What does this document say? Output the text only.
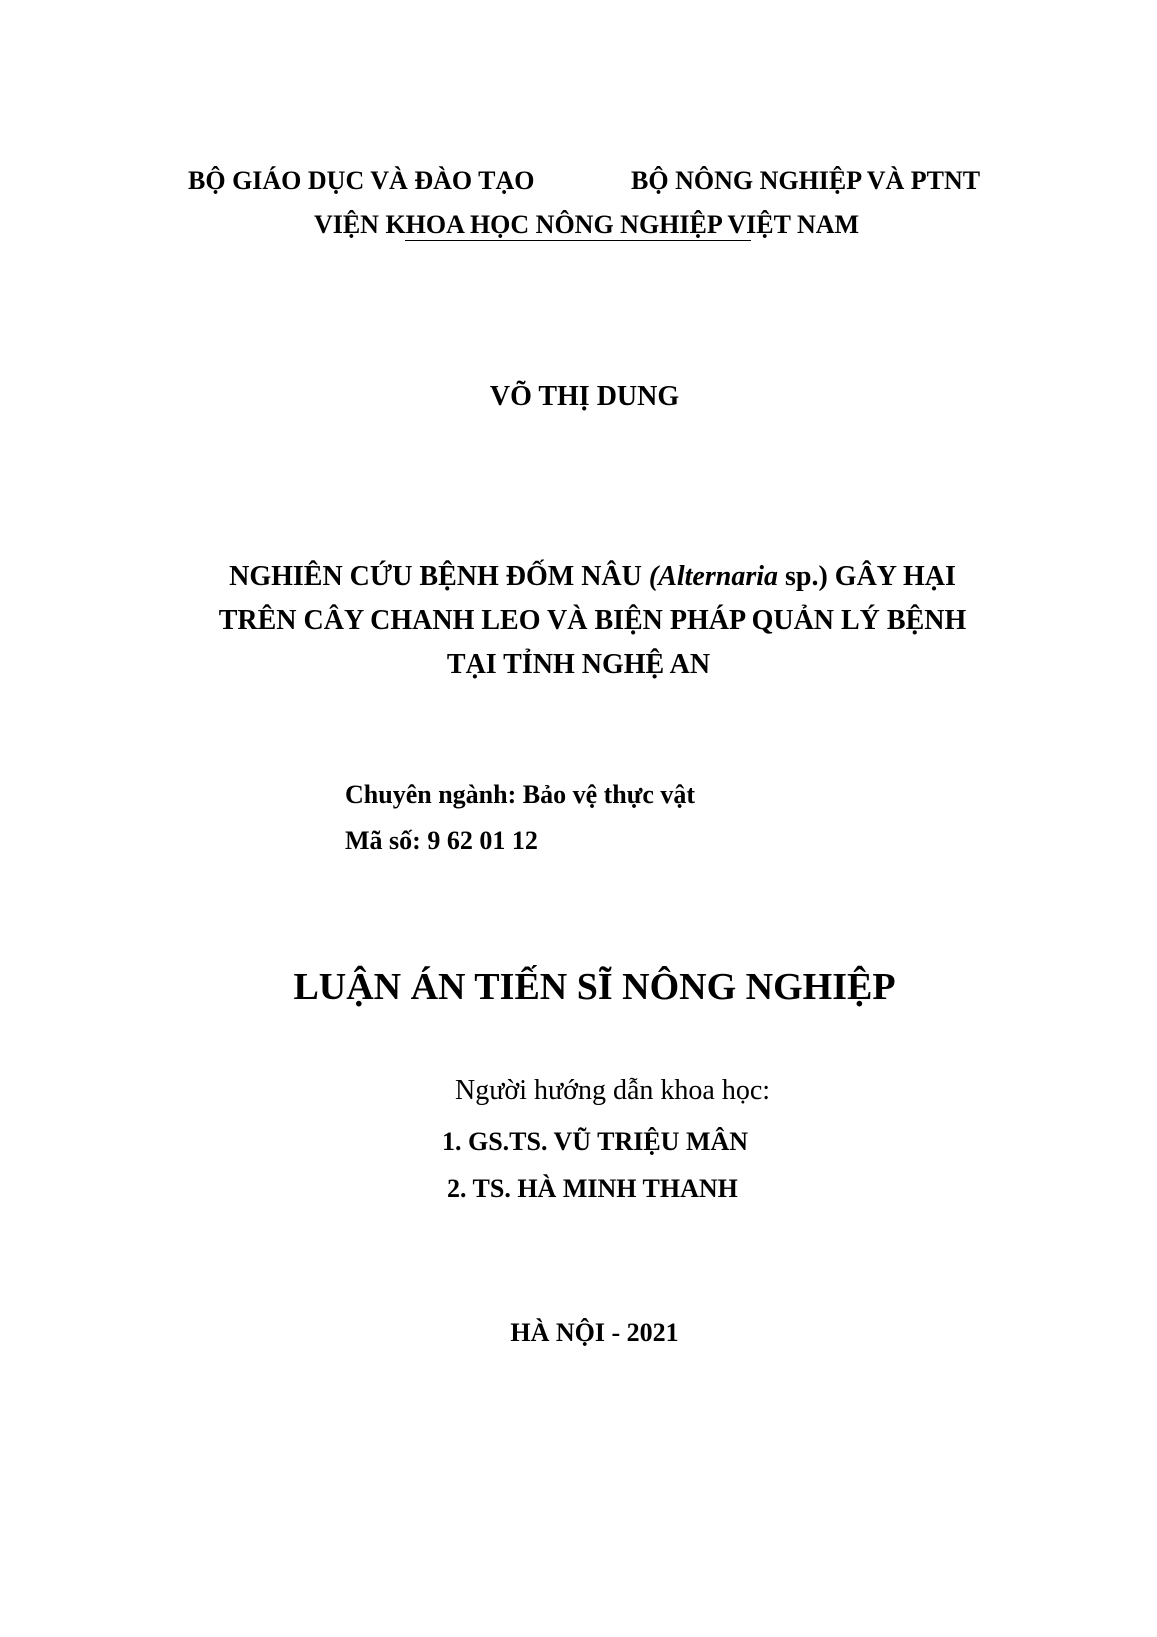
BỘ GIÁO DỤC VÀ ĐÀO TẠO	BỘ NÔNG NGHIỆP VÀ PTNT
VIỆN KHOA HỌC NÔNG NGHIỆP VIỆT NAM
VÕ THỊ DUNG
NGHIÊN CỨU BỆNH ĐỐM NÂU (Alternaria sp.) GÂY HẠI
TRÊN CÂY CHANH LEO VÀ BIỆN PHÁP QUẢN LÝ BỆNH
TẠI TỈNH NGHỆ AN
Chuyên ngành: Bảo vệ thực vật
Mã số: 9 62 01 12
LUẬN ÁN TIẾN SĨ NÔNG NGHIỆP
Người hướng dẫn khoa học:
1. GS.TS. VŨ TRIỆU MÂN
2. TS. HÀ MINH THANH
HÀ NỘI - 2021
